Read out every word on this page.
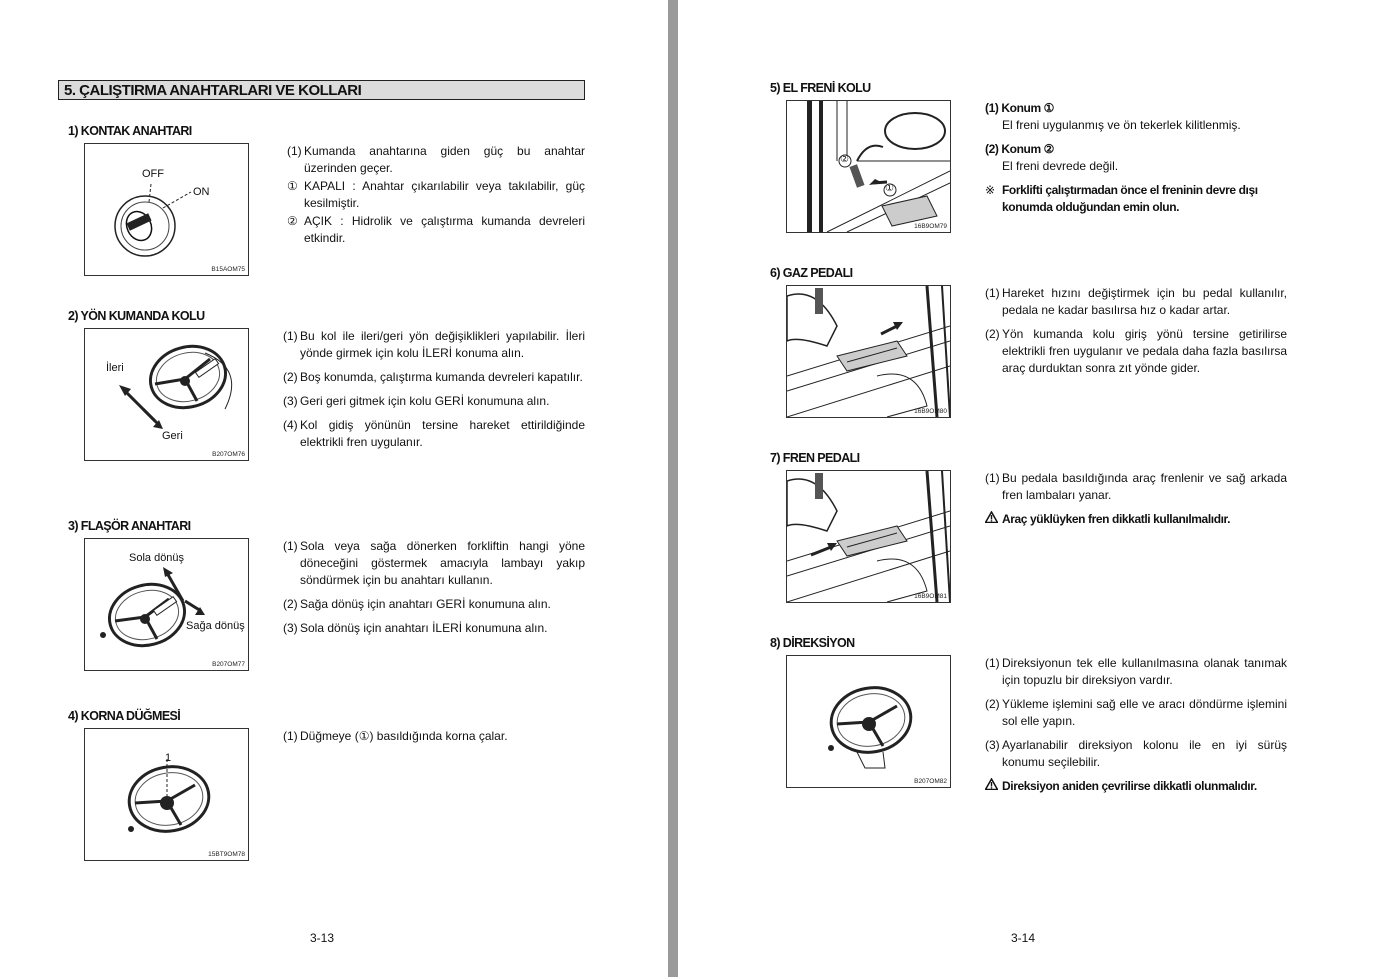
5. ÇALIŞTIRMA ANAHTARLARI VE KOLLARI
1) KONTAK ANAHTARI
OFF
ON
B15AOM75
(1) Kumanda anahtarına giden güç bu anahtar üzerinden geçer.
① KAPALI : Anahtar çıkarılabilir veya takılabilir, güç kesilmiştir.
② AÇIK : Hidrolik ve çalıştırma kumanda devreleri etkindir.
2) YÖN KUMANDA KOLU
İleri
Geri
B207OM76
(1) Bu kol ile ileri/geri yön değişiklikleri yapılabilir. İleri yönde girmek için kolu İLERİ konuma alın.
(2) Boş konumda, çalıştırma kumanda devreleri kapatılır.
(3) Geri geri gitmek için kolu GERİ konumuna alın.
(4) Kol gidiş yönünün tersine hareket ettirildiğinde elektrikli fren uygulanır.
3) FLAŞÖR ANAHTARI
Sola dönüş
Sağa dönüş
B207OM77
(1) Sola veya sağa dönerken forkliftin hangi yöne döneceğini göstermek amacıyla lambayı yakıp söndürmek için bu anahtarı kullanın.
(2) Sağa dönüş için anahtarı GERİ konumuna alın.
(3) Sola dönüş için anahtarı İLERİ konumuna alın.
4) KORNA DÜĞMESİ
1
15BT9OM78
(1) Düğmeye (①) basıldığında korna çalar.
3-13
5) EL FRENİ KOLU
②
①
16B9OM79
(1) Konum ①
El freni uygulanmış ve ön tekerlek kilitlenmiş.
(2) Konum ②
El freni devrede değil.
※ Forklifti çalıştırmadan önce el freninin devre dışı konumda olduğundan emin olun.
6) GAZ PEDALI
16B9OM80
(1) Hareket hızını değiştirmek için bu pedal kullanılır, pedala ne kadar basılırsa hız o kadar artar.
(2) Yön kumanda kolu giriş yönü tersine getirilirse elektrikli fren uygulanır ve pedala daha fazla basılırsa araç durduktan sonra zıt yönde gider.
7) FREN PEDALI
16B9OM81
(1) Bu pedala basıldığında araç frenlenir ve sağ arkada fren lambaları yanar.
Araç yüklüyken fren dikkatli kullanılmalıdır.
8) DİREKSİYON
B207OM82
(1) Direksiyonun tek elle kullanılmasına olanak tanımak için topuzlu bir direksiyon vardır.
(2) Yükleme işlemini sağ elle ve aracı döndürme işlemini sol elle yapın.
(3) Ayarlanabilir direksiyon kolonu ile en iyi sürüş konumu seçilebilir.
Direksiyon aniden çevrilirse dikkatli olunmalıdır.
3-14
